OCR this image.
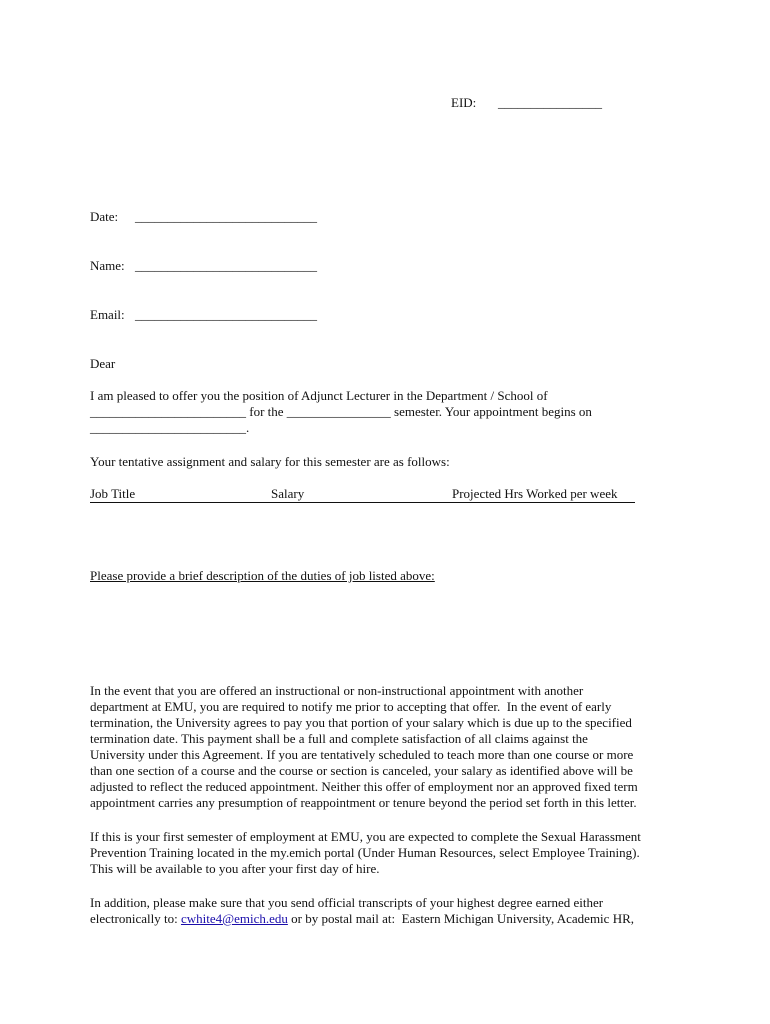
EID: ________________
Date: ____________________________
Name: ____________________________
Email: ____________________________
Dear
I am pleased to offer you the position of Adjunct Lecturer in the Department / School of
________________________ for the ________________ semester. Your appointment begins on
________________________.
Your tentative assignment and salary for this semester are as follows:
Job Title	Salary	Projected Hrs Worked per week
Please provide a brief description of the duties of job listed above:
In the event that you are offered an instructional or non-instructional appointment with another
department at EMU, you are required to notify me prior to accepting that offer.  In the event of early
termination, the University agrees to pay you that portion of your salary which is due up to the specified
termination date. This payment shall be a full and complete satisfaction of all claims against the
University under this Agreement. If you are tentatively scheduled to teach more than one course or more
than one section of a course and the course or section is canceled, your salary as identified above will be
adjusted to reflect the reduced appointment. Neither this offer of employment nor an approved fixed term
appointment carries any presumption of reappointment or tenure beyond the period set forth in this letter.
If this is your first semester of employment at EMU, you are expected to complete the Sexual Harassment
Prevention Training located in the my.emich portal (Under Human Resources, select Employee Training).
This will be available to you after your first day of hire.
In addition, please make sure that you send official transcripts of your highest degree earned either
electronically to: cwhite4@emich.edu or by postal mail at:  Eastern Michigan University, Academic HR,
